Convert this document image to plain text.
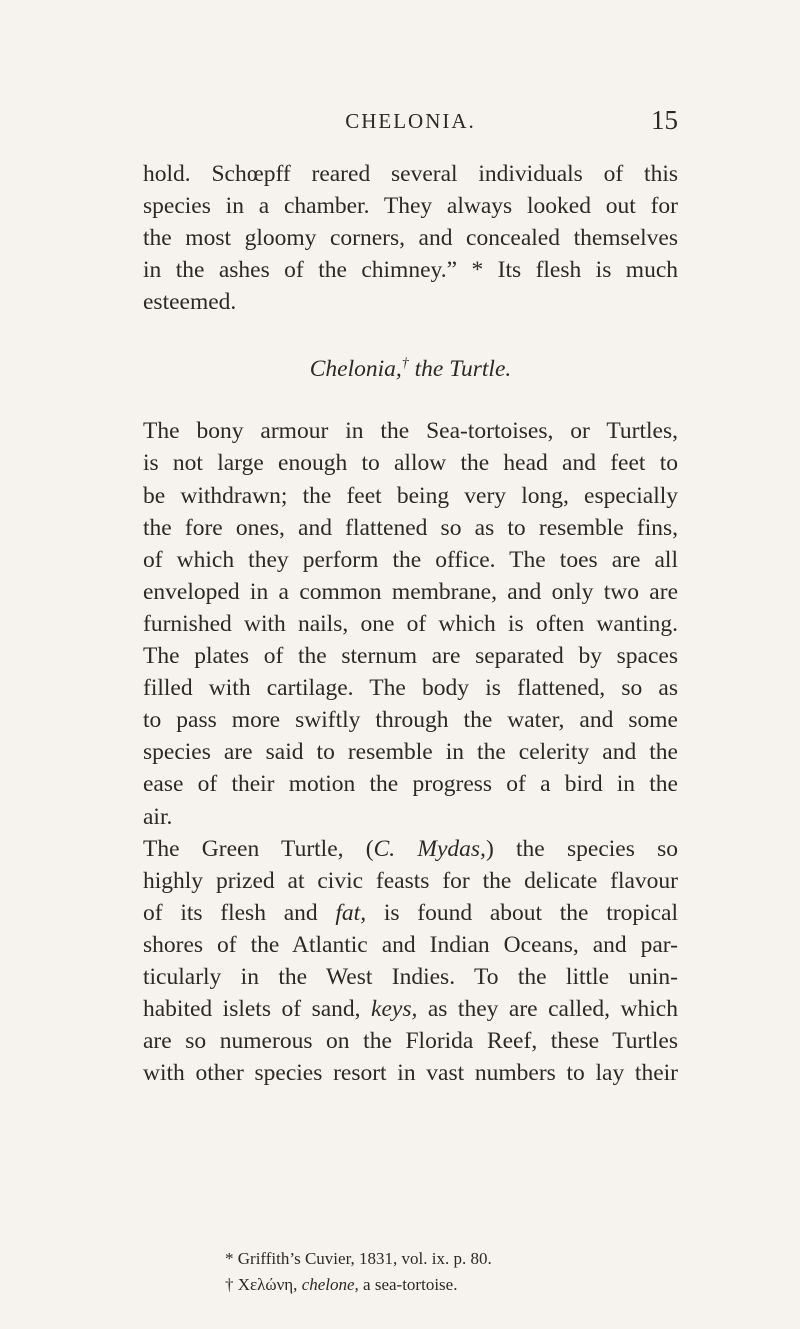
CHELONIA.	15
hold. Schœpff reared several individuals of this
species in a chamber. They always looked out for
the most gloomy corners, and concealed themselves
in the ashes of the chimney.” * Its flesh is much
esteemed.
Chelonia,† the Turtle.
The bony armour in the Sea-tortoises, or Turtles,
is not large enough to allow the head and feet to
be withdrawn; the feet being very long, especially
the fore ones, and flattened so as to resemble fins,
of which they perform the office. The toes are all
enveloped in a common membrane, and only two are
furnished with nails, one of which is often wanting.
The plates of the sternum are separated by spaces
filled with cartilage. The body is flattened, so as
to pass more swiftly through the water, and some
species are said to resemble in the celerity and the
ease of their motion the progress of a bird in the
air.
The Green Turtle, (C. Mydas,) the species so
highly prized at civic feasts for the delicate flavour
of its flesh and fat, is found about the tropical
shores of the Atlantic and Indian Oceans, and par-
ticularly in the West Indies. To the little unin-
habited islets of sand, keys, as they are called, which
are so numerous on the Florida Reef, these Turtles
with other species resort in vast numbers to lay their
* Griffith’s Cuvier, 1831, vol. ix. p. 80.
† Χελώνη, chelone, a sea-tortoise.
